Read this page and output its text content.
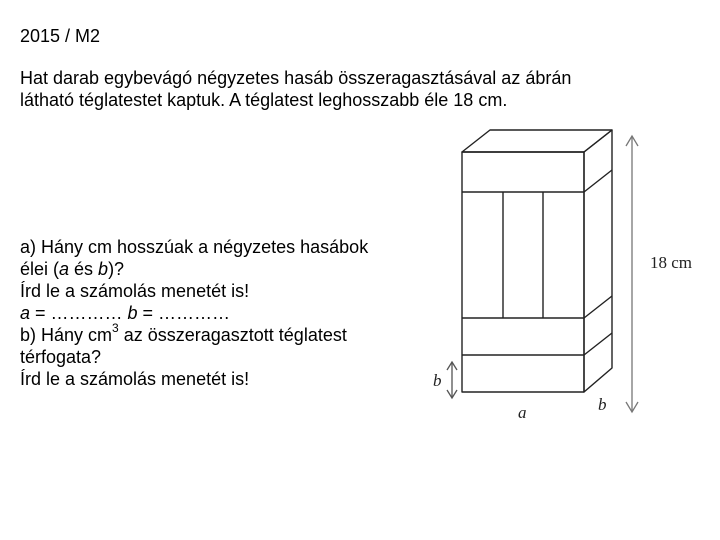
2015 / M2
Hat darab egybevágó négyzetes hasáb összeragasztásával az ábrán
látható téglatestet kaptuk. A téglatest leghosszabb éle 18 cm.
a) Hány cm hosszúak a négyzetes hasábok
élei (a és b)?
Írd le a számolás menetét is!
a = ………… b = …………
b) Hány $cm^3$ az összeragasztott téglatest
térfogata?
Írd le a számolás menetét is!
18 cm
b
a	b
